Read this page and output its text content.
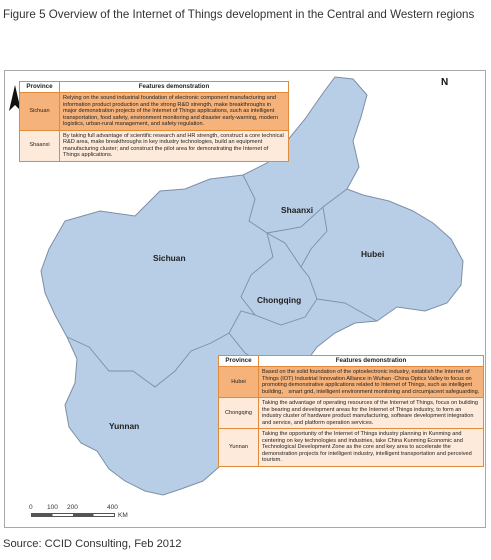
Figure 5 Overview of the Internet of Things development in the Central and Western regions
Shaanxi
Sichuan	Hubei
Chongqing
Yunnan
N
Province	Features demonstration
Sichuan	Relying on the sound industrial foundation of electronic component manufacturing and information product production and the strong R&D strength, make breakthroughs in major demonstration projects of the Internet of Things applications, such as intelligent transportation, food safety, environment monitoring and disaster early-warning, modern logistics, urban-rural management, and safety regulation.
Shaanxi	By taking full advantage of scientific research and HR strength, construct a core technical R&D area, make breakthroughs in key industry technologies, build an equipment manufacturing cluster; and construct the pilot area for demonstrating the Internet of Things applications.
Province	Features demonstration
Hubei	Based on the solid foundation of the optoelectronic industry, establish the Internet of Things (IOT) Industrial Innovation Alliance in Wuhan ·China Optics Valley to focus on promoting demonstrative applications related to Internet of Things, such as intelligent building， smart grid, intelligent environment monitoring and circumjacent safeguarding.
Chongqing	Taking the advantage of operating resources of the Internet of Things, focus on building the bearing and development areas for the Internet of Things industry, to form an industry cluster of hardware product manufacturing, software development integration and service, and platform operation services.
Yunnan	Taking the opportunity of the Internet of Things industry planning in Kunming and centering on key technologies and industries, take China Kunming Economic and Technological Development Zone as the core and key area to accelerate the demonstration projects for intelligent industry, intelligent transportation and perceived tourism.
0 100 200	400
KM
Source: CCID Consulting, Feb 2012
